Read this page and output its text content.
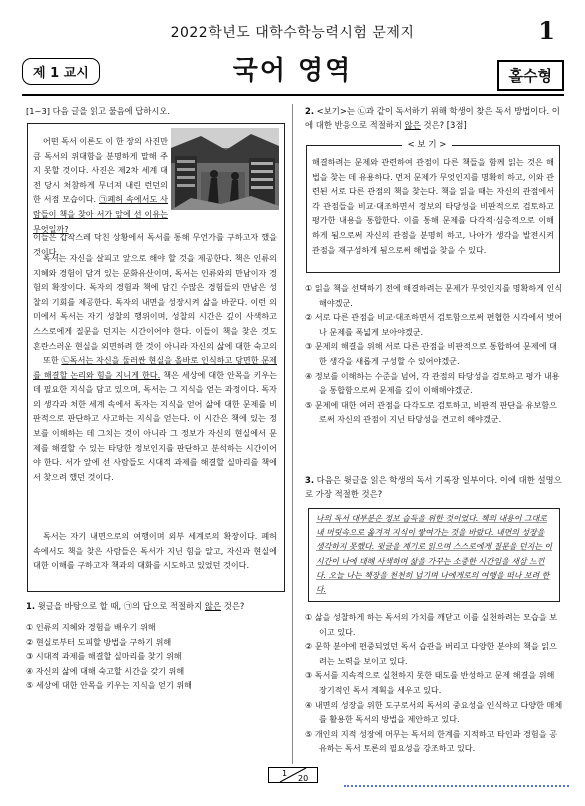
2022학년도 대학수학능력시험 문제지	1
제 1 교시	국어 영역	홀수형
[1~3] 다음 글을 읽고 물음에 답하시오.

어떤 독서 이론도 이 한 장의 사진만큼 독서의 위대함을 분명하게 말해 주지 못할 것이다. 사진은 제2차 세계 대전 당시 처참하게 무너져 내린 런던의 한 서점 모습이다. ㉠폐허 속에서도 사람들이 책을 찾아 서가 앞에 선 이유는 무엇일까?

이들은 갑작스레 닥친 상황에서 독서를 통해 무언가를 구하고자 했을 것이다.

독서는 자신을 살피고 앞으로 해야 할 것을 제공한다. 책은 인류의 지혜와 경험이 담겨 있는 문화유산이며, 독서는 인류와의 만남이자 경험의 확장이다. 독자의 경험과 책에 담긴 수많은 경험들의 만남은 성찰의 기회를 제공한다. 독자의 내면을 성장시켜 삶을 바꾼다. 이런 의미에서 독서는 자기 성찰의 행위이며, 성찰의 시간은 깊이 사색하고 스스로에게 질문을 던지는 시간이어야 한다. 이들이 책을 찾은 것도 혼란스러운 현실을 외면하려 한 것이 아니라 자신의 삶에 대한 숙고의

또한 ㉡독서는 자신을 둘러싼 현실을 올바로 인식하고 당면한 문제를 해결할 논리와 힘을 지니게 한다. 책은 세상에 대한 안목을 키우는 데 필요한 지식을 담고 있으며, 독서는 그 지식을 얻는 과정이다. 독자의 생각과 처한 세계 속에서 독자는 지식을 얻어 삶에 대한 문제를 비판적으로 판단하고 사고하는 지식을 얻는다. 이 시간은 책에 있는 정보를 이해하는 데 그치는 것이 아니라 그 정보가 자신의 현실에서 문제를 해결할 수 있는 타당한 정보인지를 판단하고 분석하는 시간이어야 한다. 서가 앞에 선 사람들도 시대적 과제를 해결할 실마리를 책에서 찾으려 했던 것이다.

독서는 자기 내면으로의 여행이며 외부 세계로의 확장이다. 폐허 속에서도 책을 찾은 사람들은 독서가 지닌 힘을 알고, 자신과 현실에 대한 이해를 구하고자 책과의 대화를 시도하고 있었던 것이다.

1. 윗글을 바탕으로 할 때, ㉠의 답으로 적절하지 않은 것은?
① 인류의 지혜와 경험을 배우기 위해
② 현실로부터 도피할 방법을 구하기 위해
③ 시대적 과제를 해결할 실마리를 찾기 위해
④ 자신의 삶에 대해 숙고할 시간을 갖기 위해
⑤ 세상에 대한 안목을 키우는 지식을 얻기 위해
2. <보기>는 ㉡과 같이 독서하기 위해 학생이 찾은 독서 방법이다. 이에 대한 반응으로 적절하지 않은 것은? [3점]
< 보 기 >
해결하려는 문제와 관련하여 관점이 다른 책들을 함께 읽는 것은 해법을 찾는 데 유용하다. 먼저 문제가 무엇인지를 명확히 하고, 이와 관련된 서로 다른 관점의 책을 찾는다. 책을 읽을 때는 자신의 관점에서 각 관점들을 비교·대조하면서 정보의 타당성을 비판적으로 검토하고 평가한 내용을 통합한다. 이를 통해 문제를 다각적·심층적으로 이해하게 됨으로써 자신의 관점을 분명히 하고, 나아가 생각을 발전시켜 관점을 재구성하게 됨으로써 해법을 찾을 수 있다.
① 읽을 책을 선택하기 전에 해결하려는 문제가 무엇인지를 명확하게 인식해야겠군.
② 서로 다른 관점을 비교·대조하면서 검토함으로써 편협한 시각에서 벗어나 문제를 폭넓게 보아야겠군.
③ 문제의 해결을 위해 서로 다른 관점을 비판적으로 통합하여 문제에 대한 생각을 새롭게 구성할 수 있어야겠군.
④ 정보를 이해하는 수준을 넘어, 각 관점의 타당성을 검토하고 평가 내용을 통합함으로써 문제를 깊이 이해해야겠군.
⑤ 문제에 대한 여러 관점을 다각도로 검토하고, 비판적 판단을 유보함으로써 자신의 관점이 지닌 타당성을 견고히 해야겠군.
3. 다음은 윗글을 읽은 학생의 독서 기록장 일부이다. 이에 대한 설명으로 가장 적절한 것은?
나의 독서 대부분은 정보 습득을 위한 것이었다. 책의 내용이 그대로 내 머릿속으로 옮겨져 지식이 쌓여가는 것을 바랐다. 내면의 성장을 생각하지 못했다. 윗글을 계기로 읽으며 스스로에게 질문을 던지는 이 시간이 나에 대해 사색하며 삶을 가꾸는 소중한 시간임을 새삼 느낀다. 오늘 나는 책장을 천천히 넘기며 나에게로의 여행을 떠나 보려 한다.
① 삶을 성찰하게 하는 독서의 가치를 깨닫고 이를 실천하려는 모습을 보이고 있다.
② 문학 분야에 편중되었던 독서 습관을 버리고 다양한 분야의 책을 읽으려는 노력을 보이고 있다.
③ 독서를 지속적으로 실천하지 못한 태도를 반성하고 문제 해결을 위해 장기적인 독서 계획을 세우고 있다.
④ 내면의 성장을 위한 도구로서의 독서의 중요성을 인식하고 다양한 매체를 활용한 독서의 방법을 제안하고 있다.
⑤ 개인의 지적 성장에 머무는 독서의 한계를 지적하고 타인과 경험을 공유하는 독서 토론의 필요성을 강조하고 있다.
1
20
